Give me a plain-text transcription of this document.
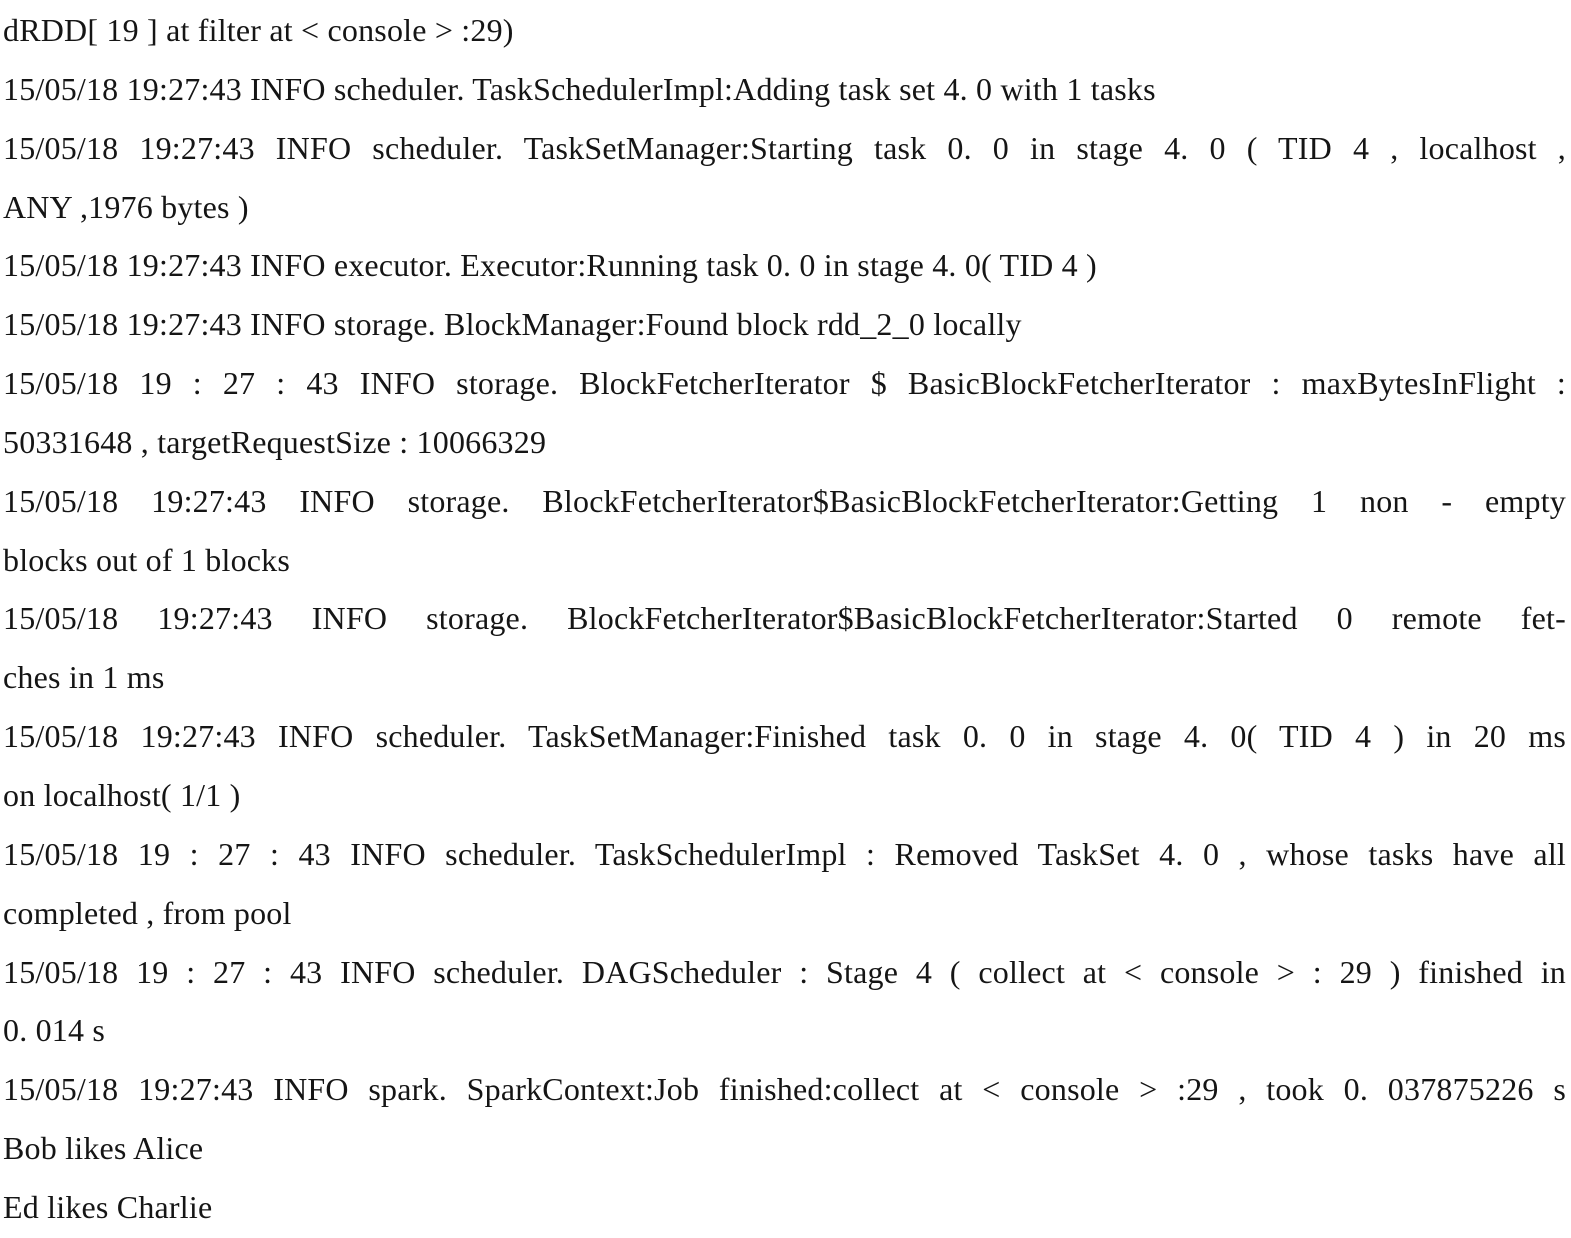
dRDD[ 19 ] at filter at < console > :29)
15/05/18 19:27:43 INFO scheduler. TaskSchedulerImpl:Adding task set 4. 0 with 1 tasks
15/05/18 19:27:43 INFO scheduler. TaskSetManager:Starting task 0. 0 in stage 4. 0 ( TID 4 , localhost ,
ANY ,1976 bytes )
15/05/18 19:27:43 INFO executor. Executor:Running task 0. 0 in stage 4. 0( TID 4 )
15/05/18 19:27:43 INFO storage. BlockManager:Found block rdd_2_0 locally
15/05/18 19 : 27 : 43 INFO storage. BlockFetcherIterator $ BasicBlockFetcherIterator : maxBytesInFlight :
50331648 , targetRequestSize : 10066329
15/05/18 19:27:43 INFO storage. BlockFetcherIterator$BasicBlockFetcherIterator:Getting 1 non - empty
blocks out of 1 blocks
15/05/18 19:27:43 INFO storage. BlockFetcherIterator$BasicBlockFetcherIterator:Started 0 remote fet-
ches in 1 ms
15/05/18 19:27:43 INFO scheduler. TaskSetManager:Finished task 0. 0 in stage 4. 0( TID 4 ) in 20 ms
on localhost( 1/1 )
15/05/18 19 : 27 : 43 INFO scheduler. TaskSchedulerImpl : Removed TaskSet 4. 0 , whose tasks have all
completed , from pool
15/05/18 19 : 27 : 43 INFO scheduler. DAGScheduler : Stage 4 ( collect at < console > : 29 ) finished in
0. 014 s
15/05/18 19:27:43 INFO spark. SparkContext:Job finished:collect at < console > :29 , took 0. 037875226 s
Bob likes Alice
Ed likes Charlie
